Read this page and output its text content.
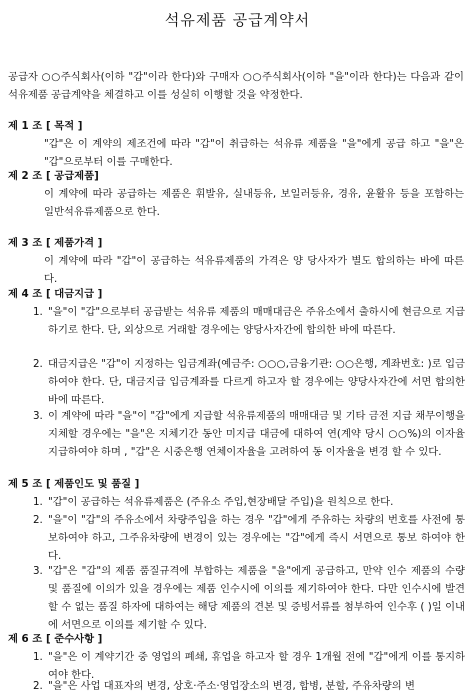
석유제품 공급계약서
공급자 ○○주식회사(이하 "갑"이라 한다)와 구매자 ○○주식회사(이하 "을"이라 한다)는 다음과 같이 석유제품 공급계약을 체결하고 이를 성실히 이행할 것을 약정한다.
제 1 조 [ 목적 ]
"갑"은 이 계약의 제조건에 따라 "갑"이 취급하는 석유류 제품을 "을"에게 공급 하고 "을"은 "갑"으로부터 이를 구매한다.
제 2 조 [ 공급제품]
이 계약에 따라 공급하는 제품은 휘발유, 실내등유, 보일러등유, 경유, 윤활유 등을 포함하는 일반석유류제품으로 한다.
제 3 조 [ 제품가격 ]
이 계약에 따라 "갑"이 공급하는 석유류제품의 가격은 양 당사자가 별도 합의하는 바에 따른다.
제 4 조 [ 대금지급 ]
1. "을"이 "갑"으로부터 공급받는 석유류 제품의 매매대금은 주유소에서 출하시에 현금으로 지급하기로 한다. 단, 외상으로 거래할 경우에는 양당사자간에 합의한 바에 따른다.
2. 대금지급은 "갑"이 지정하는 입금계좌(예금주: ○○○,금융기관: ○○은행, 계좌번호: )로 입금하여야 한다. 단, 대금지급 입금계좌를 다르게 하고자 할 경우에는 양당사자간에 서면 합의한 바에 따른다.
3. 이 계약에 따라 "을"이 "갑"에게 지급할 석유류제품의 매매대금 및 기타 금전 지급 채무이행을 지체할 경우에는 "을"은 지체기간 동안 미지급 대금에 대하여 연(계약 당시 ○○%)의 이자율 지급하여야 하며 , "갑"은 시중은행 연체이자율을 고려하여 동 이자율을 변경 할 수 있다.
제 5 조 [ 제품인도 및 품질 ]
1. "갑"이 공급하는 석유류제품은 (주유소 주입,현장배달 주입)을 원칙으로 한다.
2. "을"이 "갑"의 주유소에서 차량주입을 하는 경우 "갑"에게 주유하는 차량의 번호를 사전에 통보하여야 하고, 그주유차량에 변경이 있는 경우에는 "갑"에게 즉시 서면으로 통보 하여야 한다.
3. "갑"은 "갑"의 제품 품질규격에 부합하는 제품을 "을"에게 공급하고, 만약 인수 제품의 수량 및 품질에 이의가 있을 경우에는 제품 인수시에 이의를 제기하여야 한다. 다만 인수시에 발견할 수 없는 품질 하자에 대하여는 해당 제품의 견본 및 증빙서류를 첨부하여 인수후 ( )일 이내에 서면으로 이의를 제기할 수 있다.
제 6 조 [ 준수사항 ]
1. "을"은 이 계약기간 중 영업의 폐쇄, 휴업을 하고자 할 경우 1개월 전에 "갑"에게 이를 통지하여야 한다.
2. "을"은 사업 대표자의 변경, 상호·주소·영업장소의 변경, 합병, 분할, 주유차량의 변
